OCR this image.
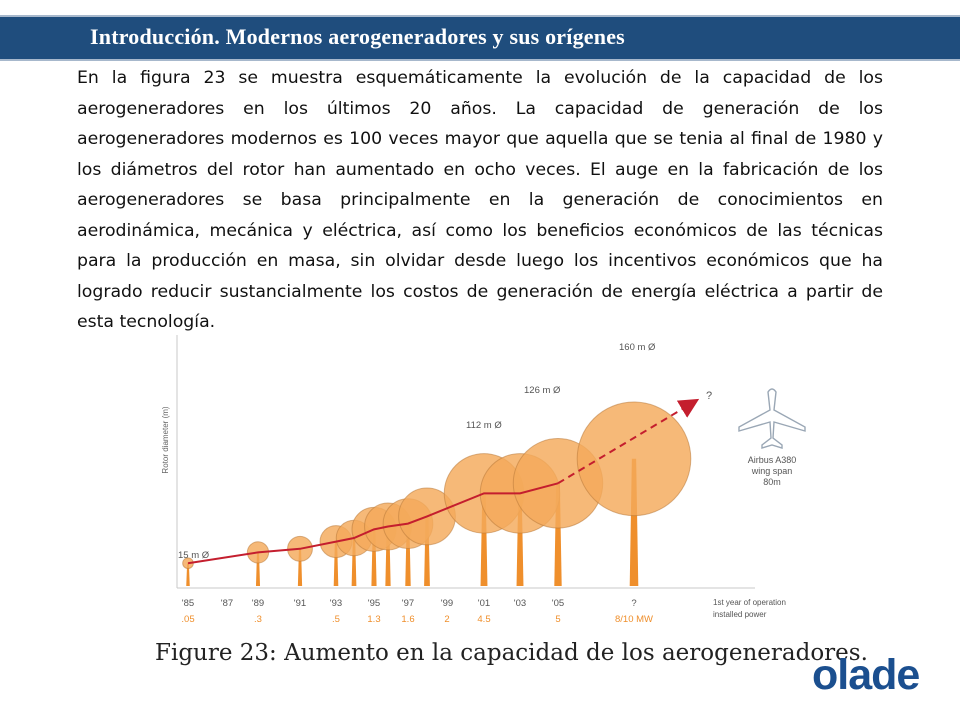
Introducción. Modernos aerogeneradores y sus orígenes

En la figura 23 se muestra esquemáticamente la evolución de la capacidad de los aerogeneradores en los últimos 20 años. La capacidad de generación de los aerogeneradores modernos es 100 veces mayor que aquella que se tenia al final de 1980 y los diámetros del rotor han aumentado en ocho veces. El auge en la fabricación de los aerogeneradores se basa principalmente en la generación de conocimientos en aerodinámica, mecánica y eléctrica, así como los beneficios económicos de las técnicas para la producción en masa, sin olvidar desde luego los incentivos económicos que ha logrado reducir sustancialmente los costos de generación de energía eléctrica a partir de esta tecnología.

Rotor diameter (m)
15 m Ø
112 m Ø
126 m Ø
160 m Ø
?
'85	'87 '89	'91 '93	'95 '97	'99	'01 '03	'05	?
.05	.3	.5	1.3 1.6	2	4.5	5	8/10 MW
1st year of operation
installed power
Airbus A380
wing span
80m
Figure 23: Aumento en la capacidad de los aerogeneradores.
olade
